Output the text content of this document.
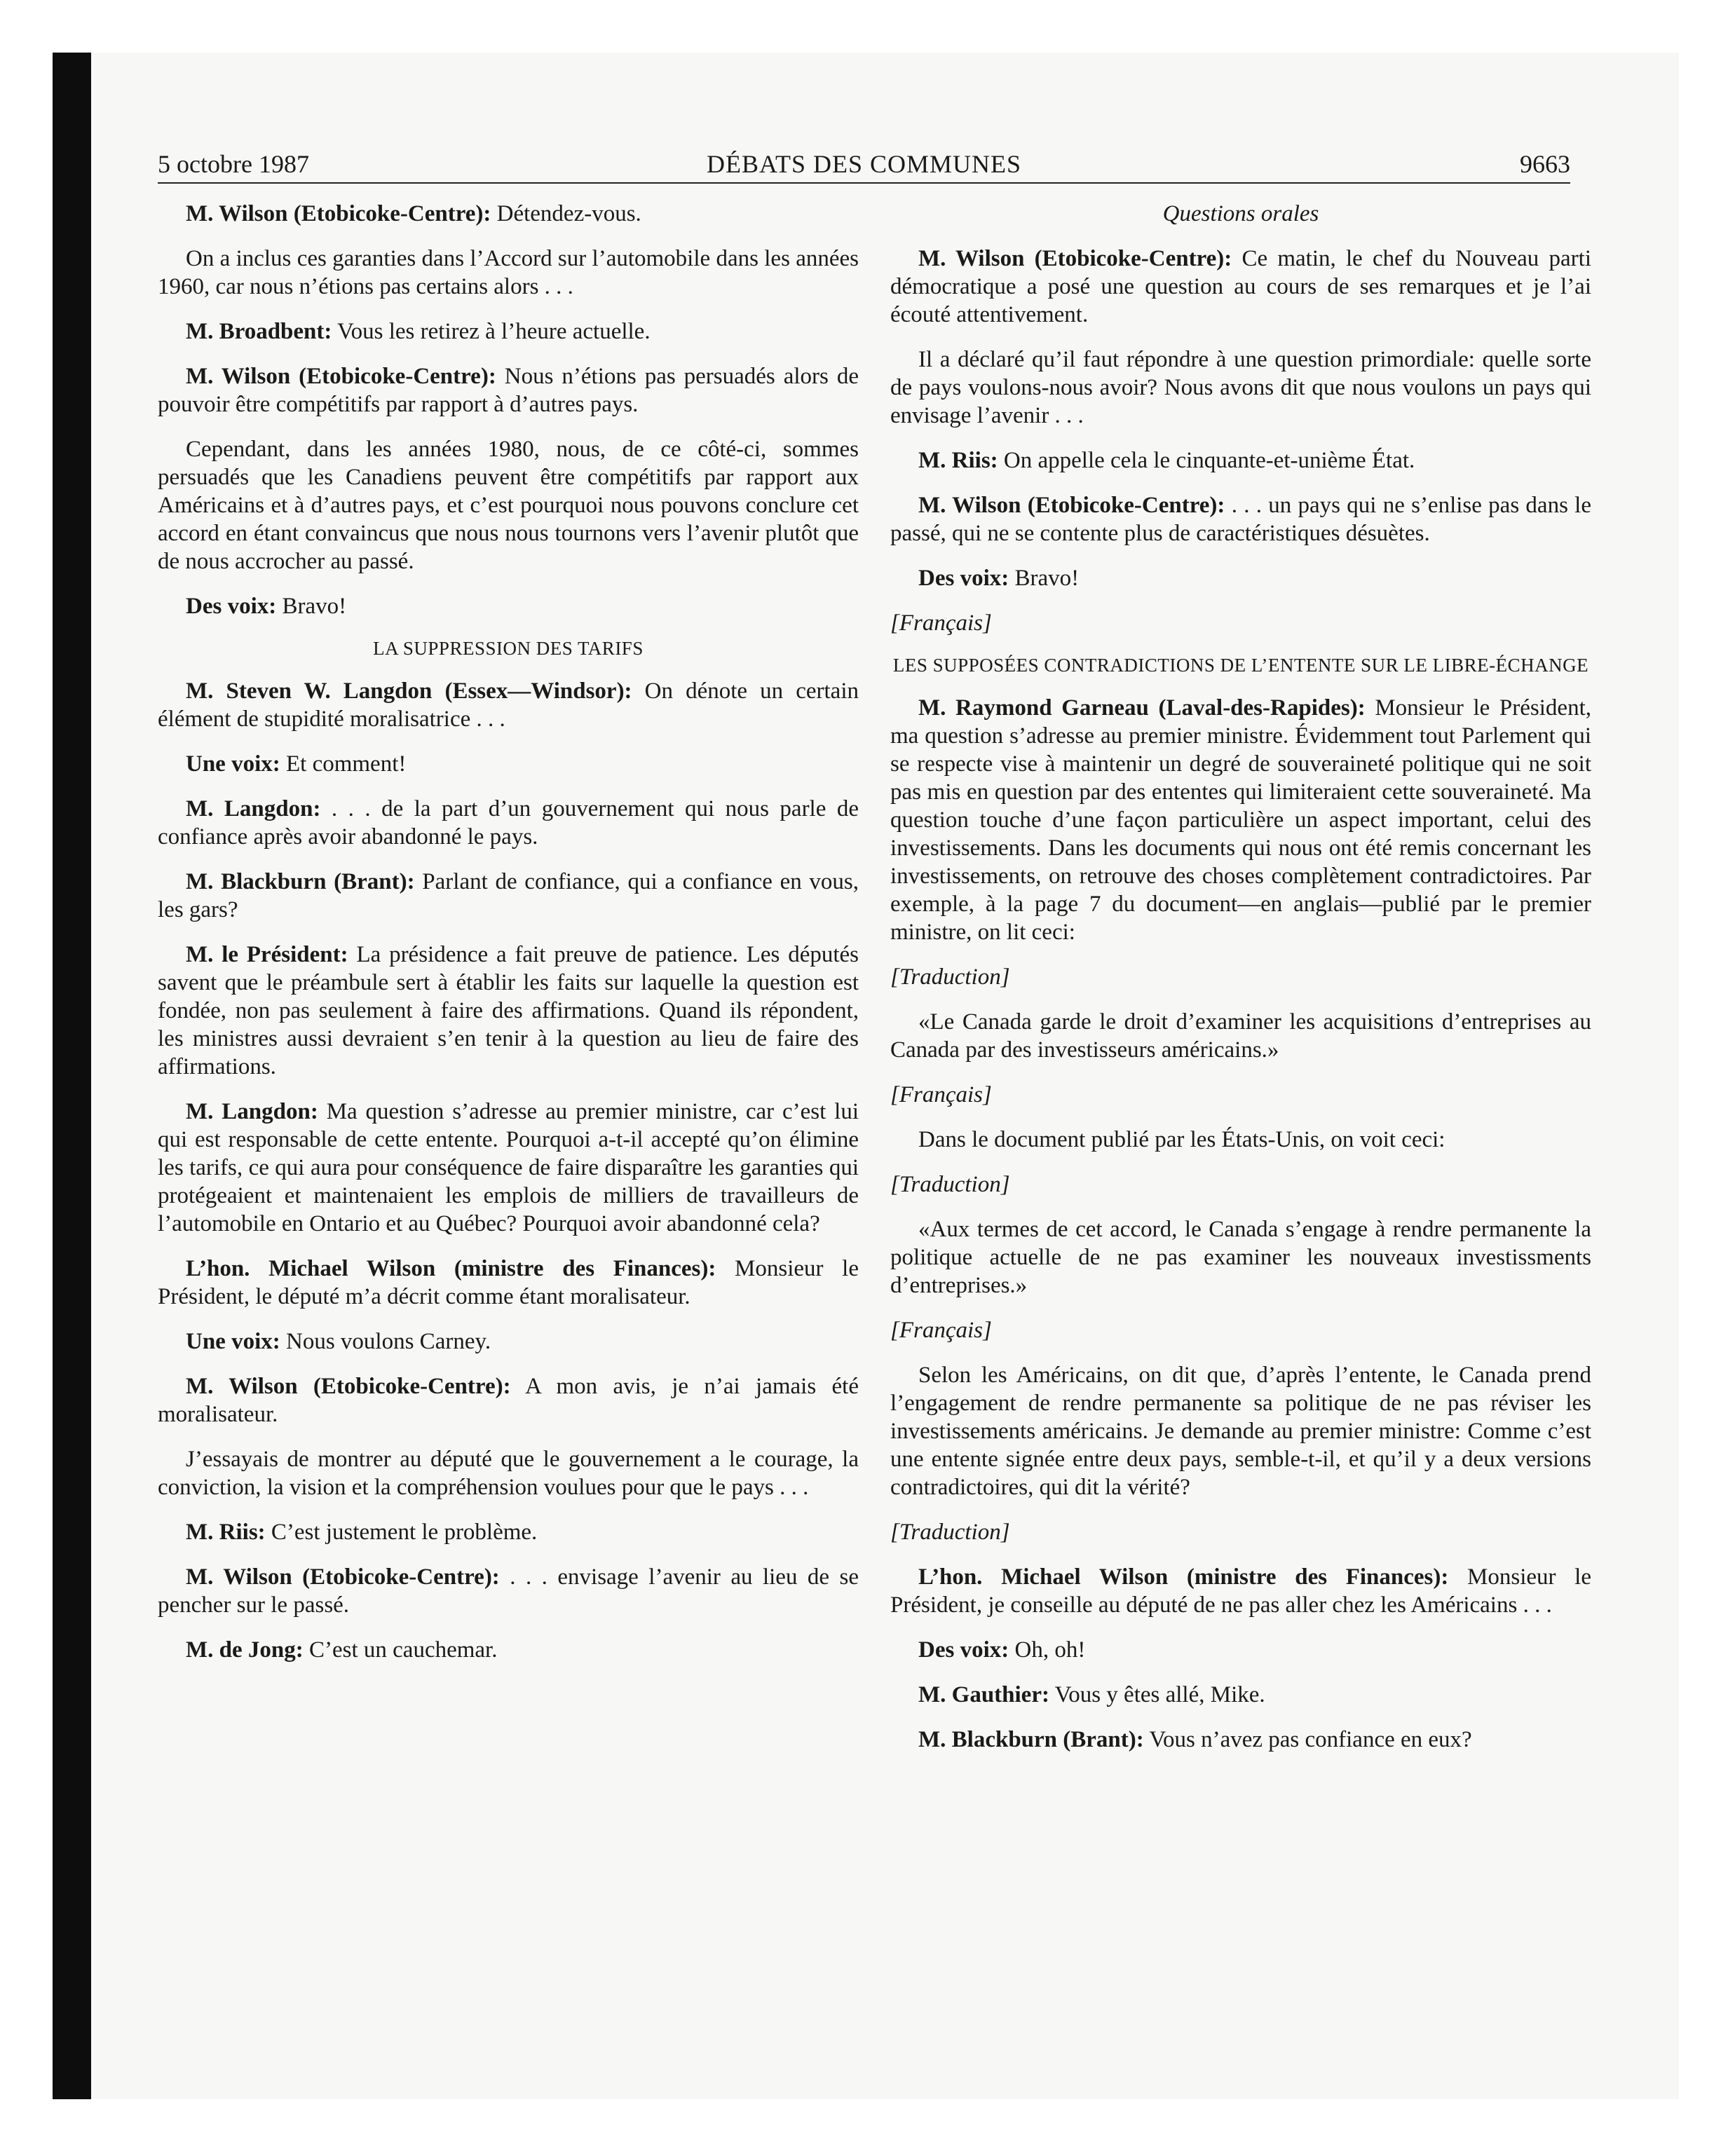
5 octobre 1987	DÉBATS DES COMMUNES	9663

M. Wilson (Etobicoke-Centre): Détendez-vous.

On a inclus ces garanties dans l’Accord sur l’automobile dans les années 1960, car nous n’étions pas certains alors . . .

M. Broadbent: Vous les retirez à l’heure actuelle.

M. Wilson (Etobicoke-Centre): Nous n’étions pas persuadés alors de pouvoir être compétitifs par rapport à d’autres pays.

Cependant, dans les années 1980, nous, de ce côté-ci, sommes persuadés que les Canadiens peuvent être compétitifs par rapport aux Américains et à d’autres pays, et c’est pourquoi nous pouvons conclure cet accord en étant convaincus que nous nous tournons vers l’avenir plutôt que de nous accrocher au passé.

Des voix: Bravo!

LA SUPPRESSION DES TARIFS

M. Steven W. Langdon (Essex—Windsor): On dénote un certain élément de stupidité moralisatrice . . .

Une voix: Et comment!

M. Langdon: . . . de la part d’un gouvernement qui nous parle de confiance après avoir abandonné le pays.

M. Blackburn (Brant): Parlant de confiance, qui a confiance en vous, les gars?

M. le Président: La présidence a fait preuve de patience. Les députés savent que le préambule sert à établir les faits sur laquelle la question est fondée, non pas seulement à faire des affirmations. Quand ils répondent, les ministres aussi devraient s’en tenir à la question au lieu de faire des affirmations.

M. Langdon: Ma question s’adresse au premier ministre, car c’est lui qui est responsable de cette entente. Pourquoi a-t-il accepté qu’on élimine les tarifs, ce qui aura pour conséquence de faire disparaître les garanties qui protégeaient et maintenaient les emplois de milliers de travailleurs de l’automobile en Ontario et au Québec? Pourquoi avoir abandonné cela?

L’hon. Michael Wilson (ministre des Finances): Monsieur le Président, le député m’a décrit comme étant moralisateur.

Une voix: Nous voulons Carney.

M. Wilson (Etobicoke-Centre): A mon avis, je n’ai jamais été moralisateur.

J’essayais de montrer au député que le gouvernement a le courage, la conviction, la vision et la compréhension voulues pour que le pays . . .

M. Riis: C’est justement le problème.

M. Wilson (Etobicoke-Centre): . . . envisage l’avenir au lieu de se pencher sur le passé.

M. de Jong: C’est un cauchemar.

Questions orales

M. Wilson (Etobicoke-Centre): Ce matin, le chef du Nouveau parti démocratique a posé une question au cours de ses remarques et je l’ai écouté attentivement.

Il a déclaré qu’il faut répondre à une question primordiale: quelle sorte de pays voulons-nous avoir? Nous avons dit que nous voulons un pays qui envisage l’avenir . . .

M. Riis: On appelle cela le cinquante-et-unième État.

M. Wilson (Etobicoke-Centre): . . . un pays qui ne s’enlise pas dans le passé, qui ne se contente plus de caractéristiques désuètes.

Des voix: Bravo!

[Français]

LES SUPPOSÉES CONTRADICTIONS DE L’ENTENTE SUR LE LIBRE-ÉCHANGE

M. Raymond Garneau (Laval-des-Rapides): Monsieur le Président, ma question s’adresse au premier ministre. Évidemment tout Parlement qui se respecte vise à maintenir un degré de souveraineté politique qui ne soit pas mis en question par des ententes qui limiteraient cette souveraineté. Ma question touche d’une façon particulière un aspect important, celui des investissements. Dans les documents qui nous ont été remis concernant les investissements, on retrouve des choses complètement contradictoires. Par exemple, à la page 7 du document—en anglais—publié par le premier ministre, on lit ceci:

[Traduction]

«Le Canada garde le droit d’examiner les acquisitions d’entreprises au Canada par des investisseurs américains.»

[Français]

Dans le document publié par les États-Unis, on voit ceci:

[Traduction]

«Aux termes de cet accord, le Canada s’engage à rendre permanente la politique actuelle de ne pas examiner les nouveaux investissments d’entreprises.»

[Français]

Selon les Américains, on dit que, d’après l’entente, le Canada prend l’engagement de rendre permanente sa politique de ne pas réviser les investissements américains. Je demande au premier ministre: Comme c’est une entente signée entre deux pays, semble-t-il, et qu’il y a deux versions contradictoires, qui dit la vérité?

[Traduction]

L’hon. Michael Wilson (ministre des Finances): Monsieur le Président, je conseille au député de ne pas aller chez les Américains . . .

Des voix: Oh, oh!

M. Gauthier: Vous y êtes allé, Mike.

M. Blackburn (Brant): Vous n’avez pas confiance en eux?
